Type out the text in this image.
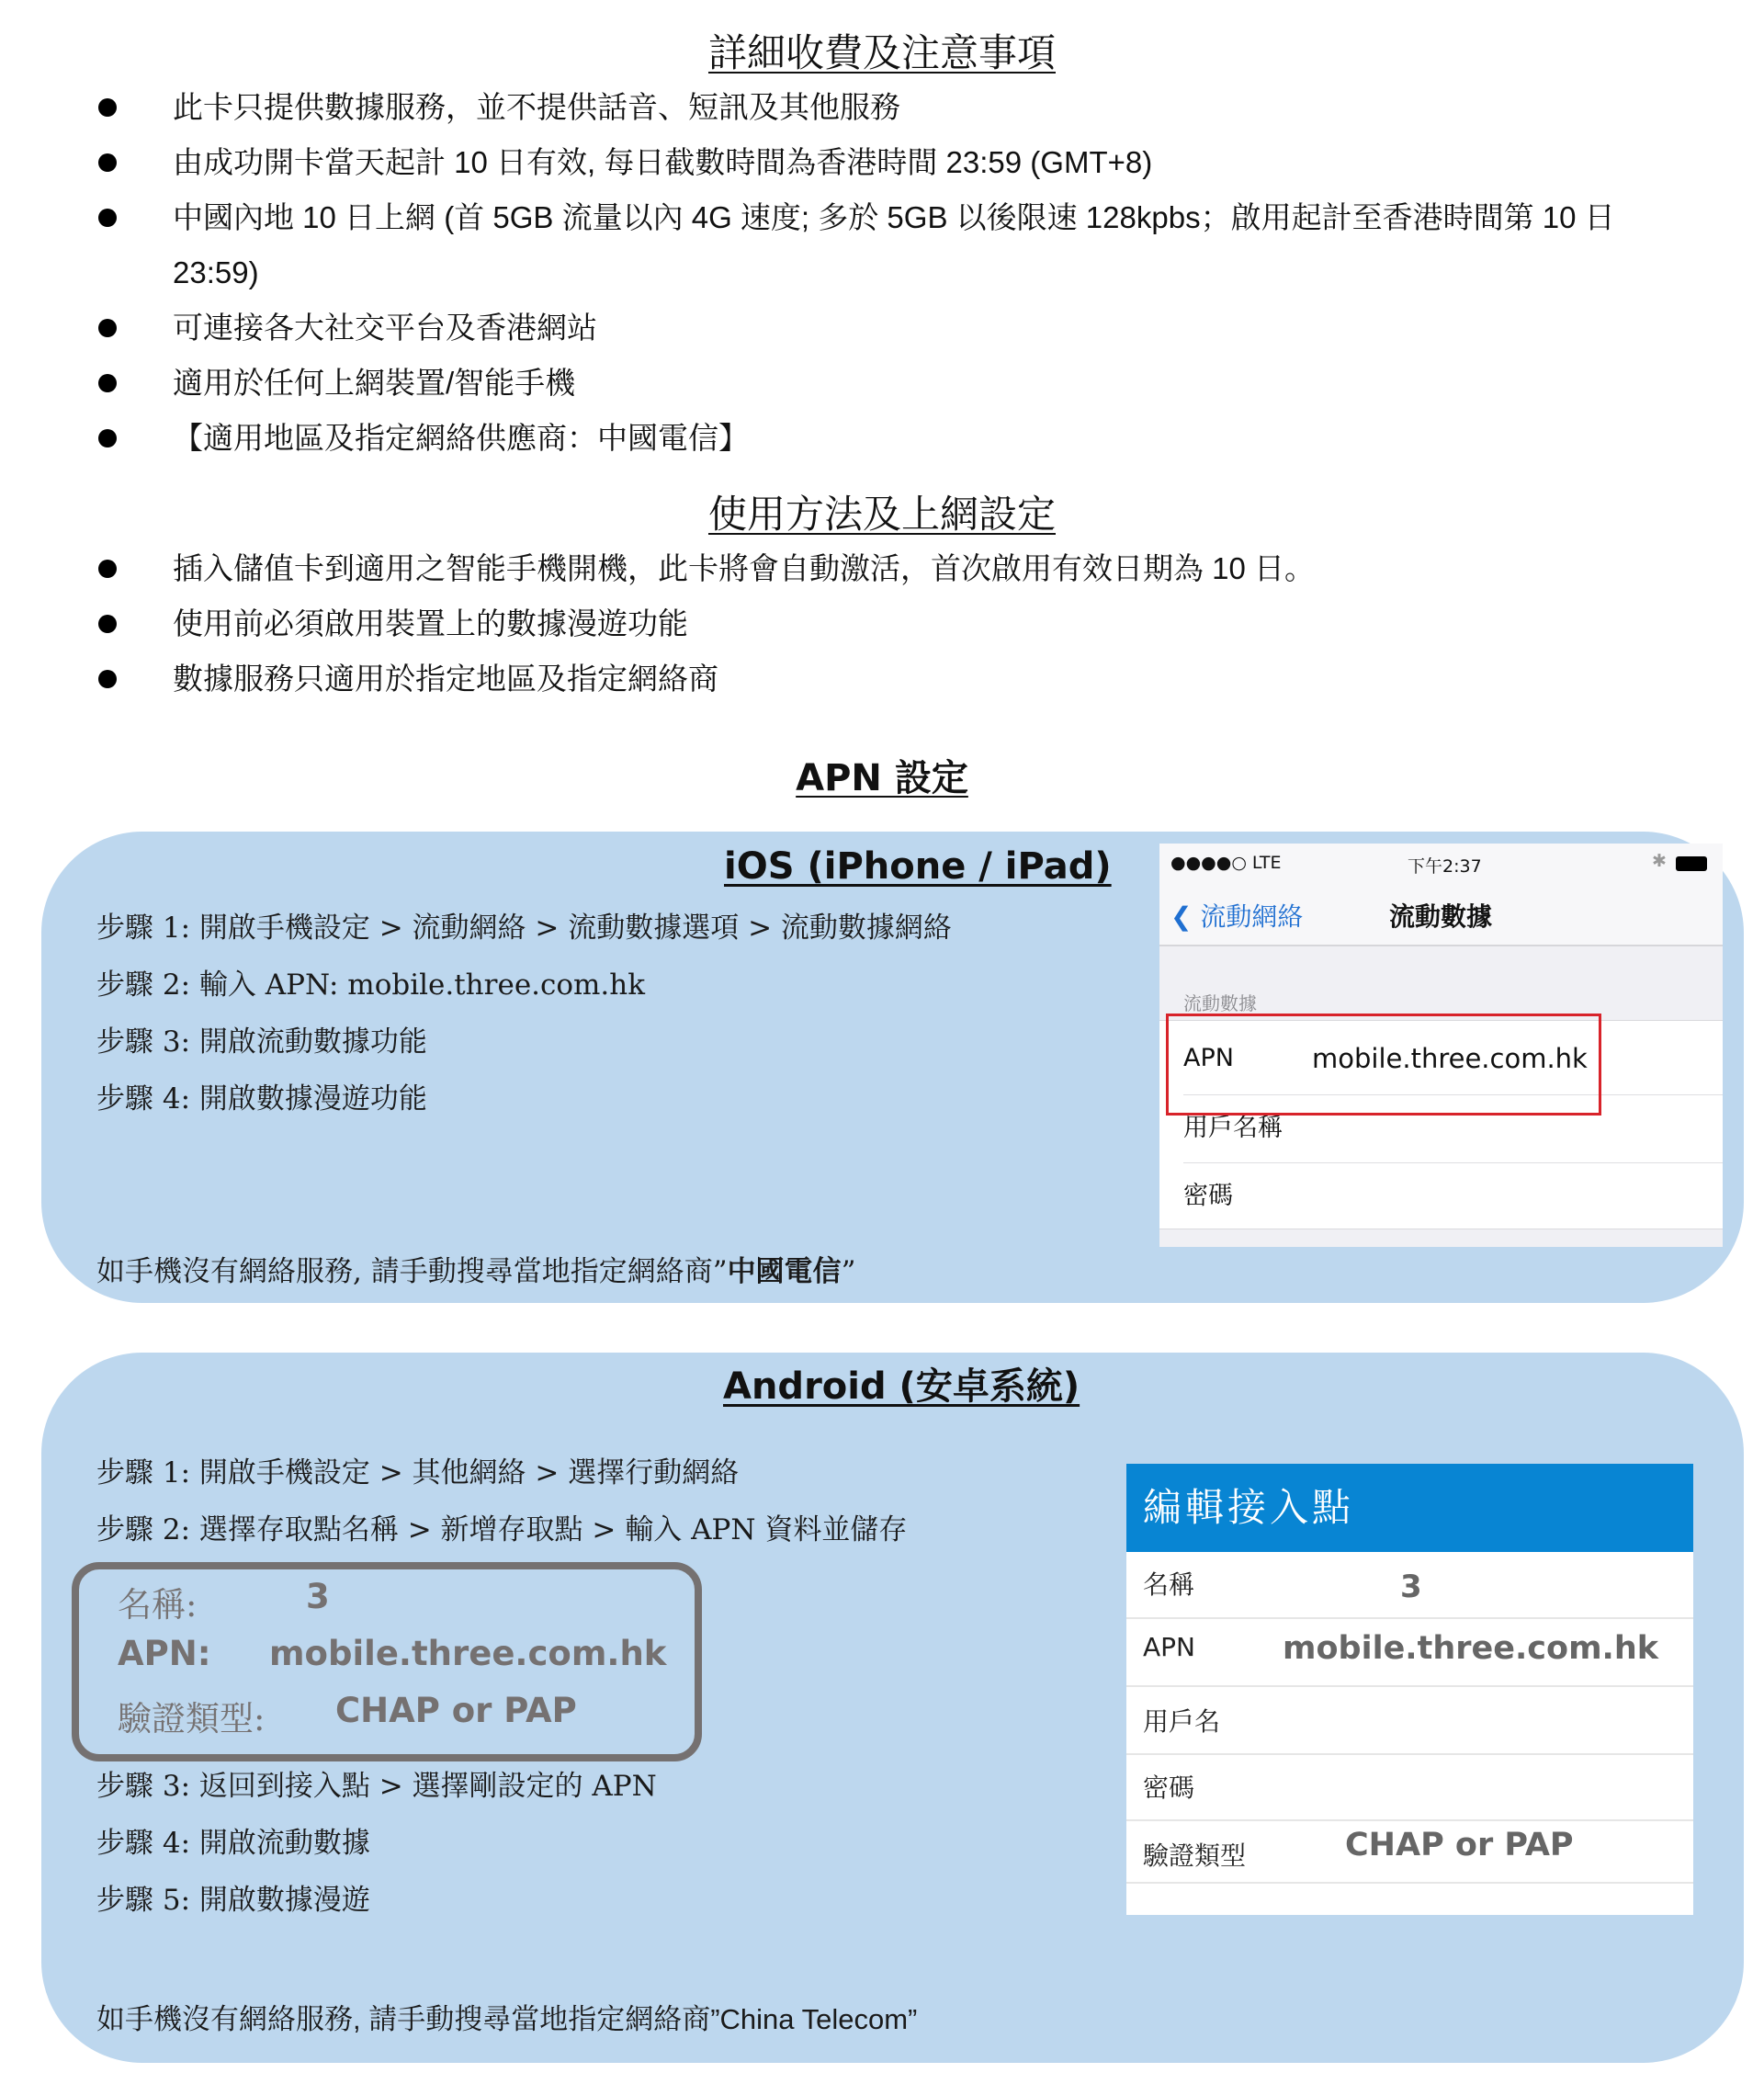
詳細收費及注意事項
此卡只提供數據服務，並不提供話音、短訊及其他服務
由成功開卡當天起計 10 日有效, 每日截數時間為香港時間 23:59 (GMT+8)
中國內地 10 日上網 (首 5GB 流量以內 4G 速度; 多於 5GB 以後限速 128kpbs；啟用起計至香港時間第 10 日
23:59)
可連接各大社交平台及香港網站
適用於任何上網裝置/智能手機
【適用地區及指定網絡供應商：中國電信】
使用方法及上網設定
插入儲值卡到適用之智能手機開機，此卡將會自動激活，首次啟用有效日期為 10 日。
使用前必須啟用裝置上的數據漫遊功能
數據服務只適用於指定地區及指定網絡商
APN 設定
iOS (iPhone / iPad)
步驟 1: 開啟手機設定 > 流動網絡 > 流動數據選項 > 流動數據網絡
步驟 2: 輸入 APN: mobile.three.com.hk
步驟 3: 開啟流動數據功能
步驟 4: 開啟數據漫遊功能
如手機沒有網絡服務, 請手動搜尋當地指定網絡商”中國電信”
●●●●○ LTE	下午2:37	✱
❮ 流動網絡	流動數據
流動數據
APN	mobile.three.com.hk
用戶名稱
密碼
Android (安卓系統)
步驟 1: 開啟手機設定 > 其他網絡 > 選擇行動網絡
步驟 2: 選擇存取點名稱 > 新增存取點 > 輸入 APN 資料並儲存
名稱:	3
APN: mobile.three.com.hk
驗證類型: CHAP or PAP
步驟 3: 返回到接入點 > 選擇剛設定的 APN
步驟 4: 開啟流動數據
步驟 5: 開啟數據漫遊
如手機沒有網絡服務, 請手動搜尋當地指定網絡商”China Telecom”
編輯接入點
名稱	3
APN	mobile.three.com.hk
用戶名
密碼
驗證類型	CHAP or PAP
